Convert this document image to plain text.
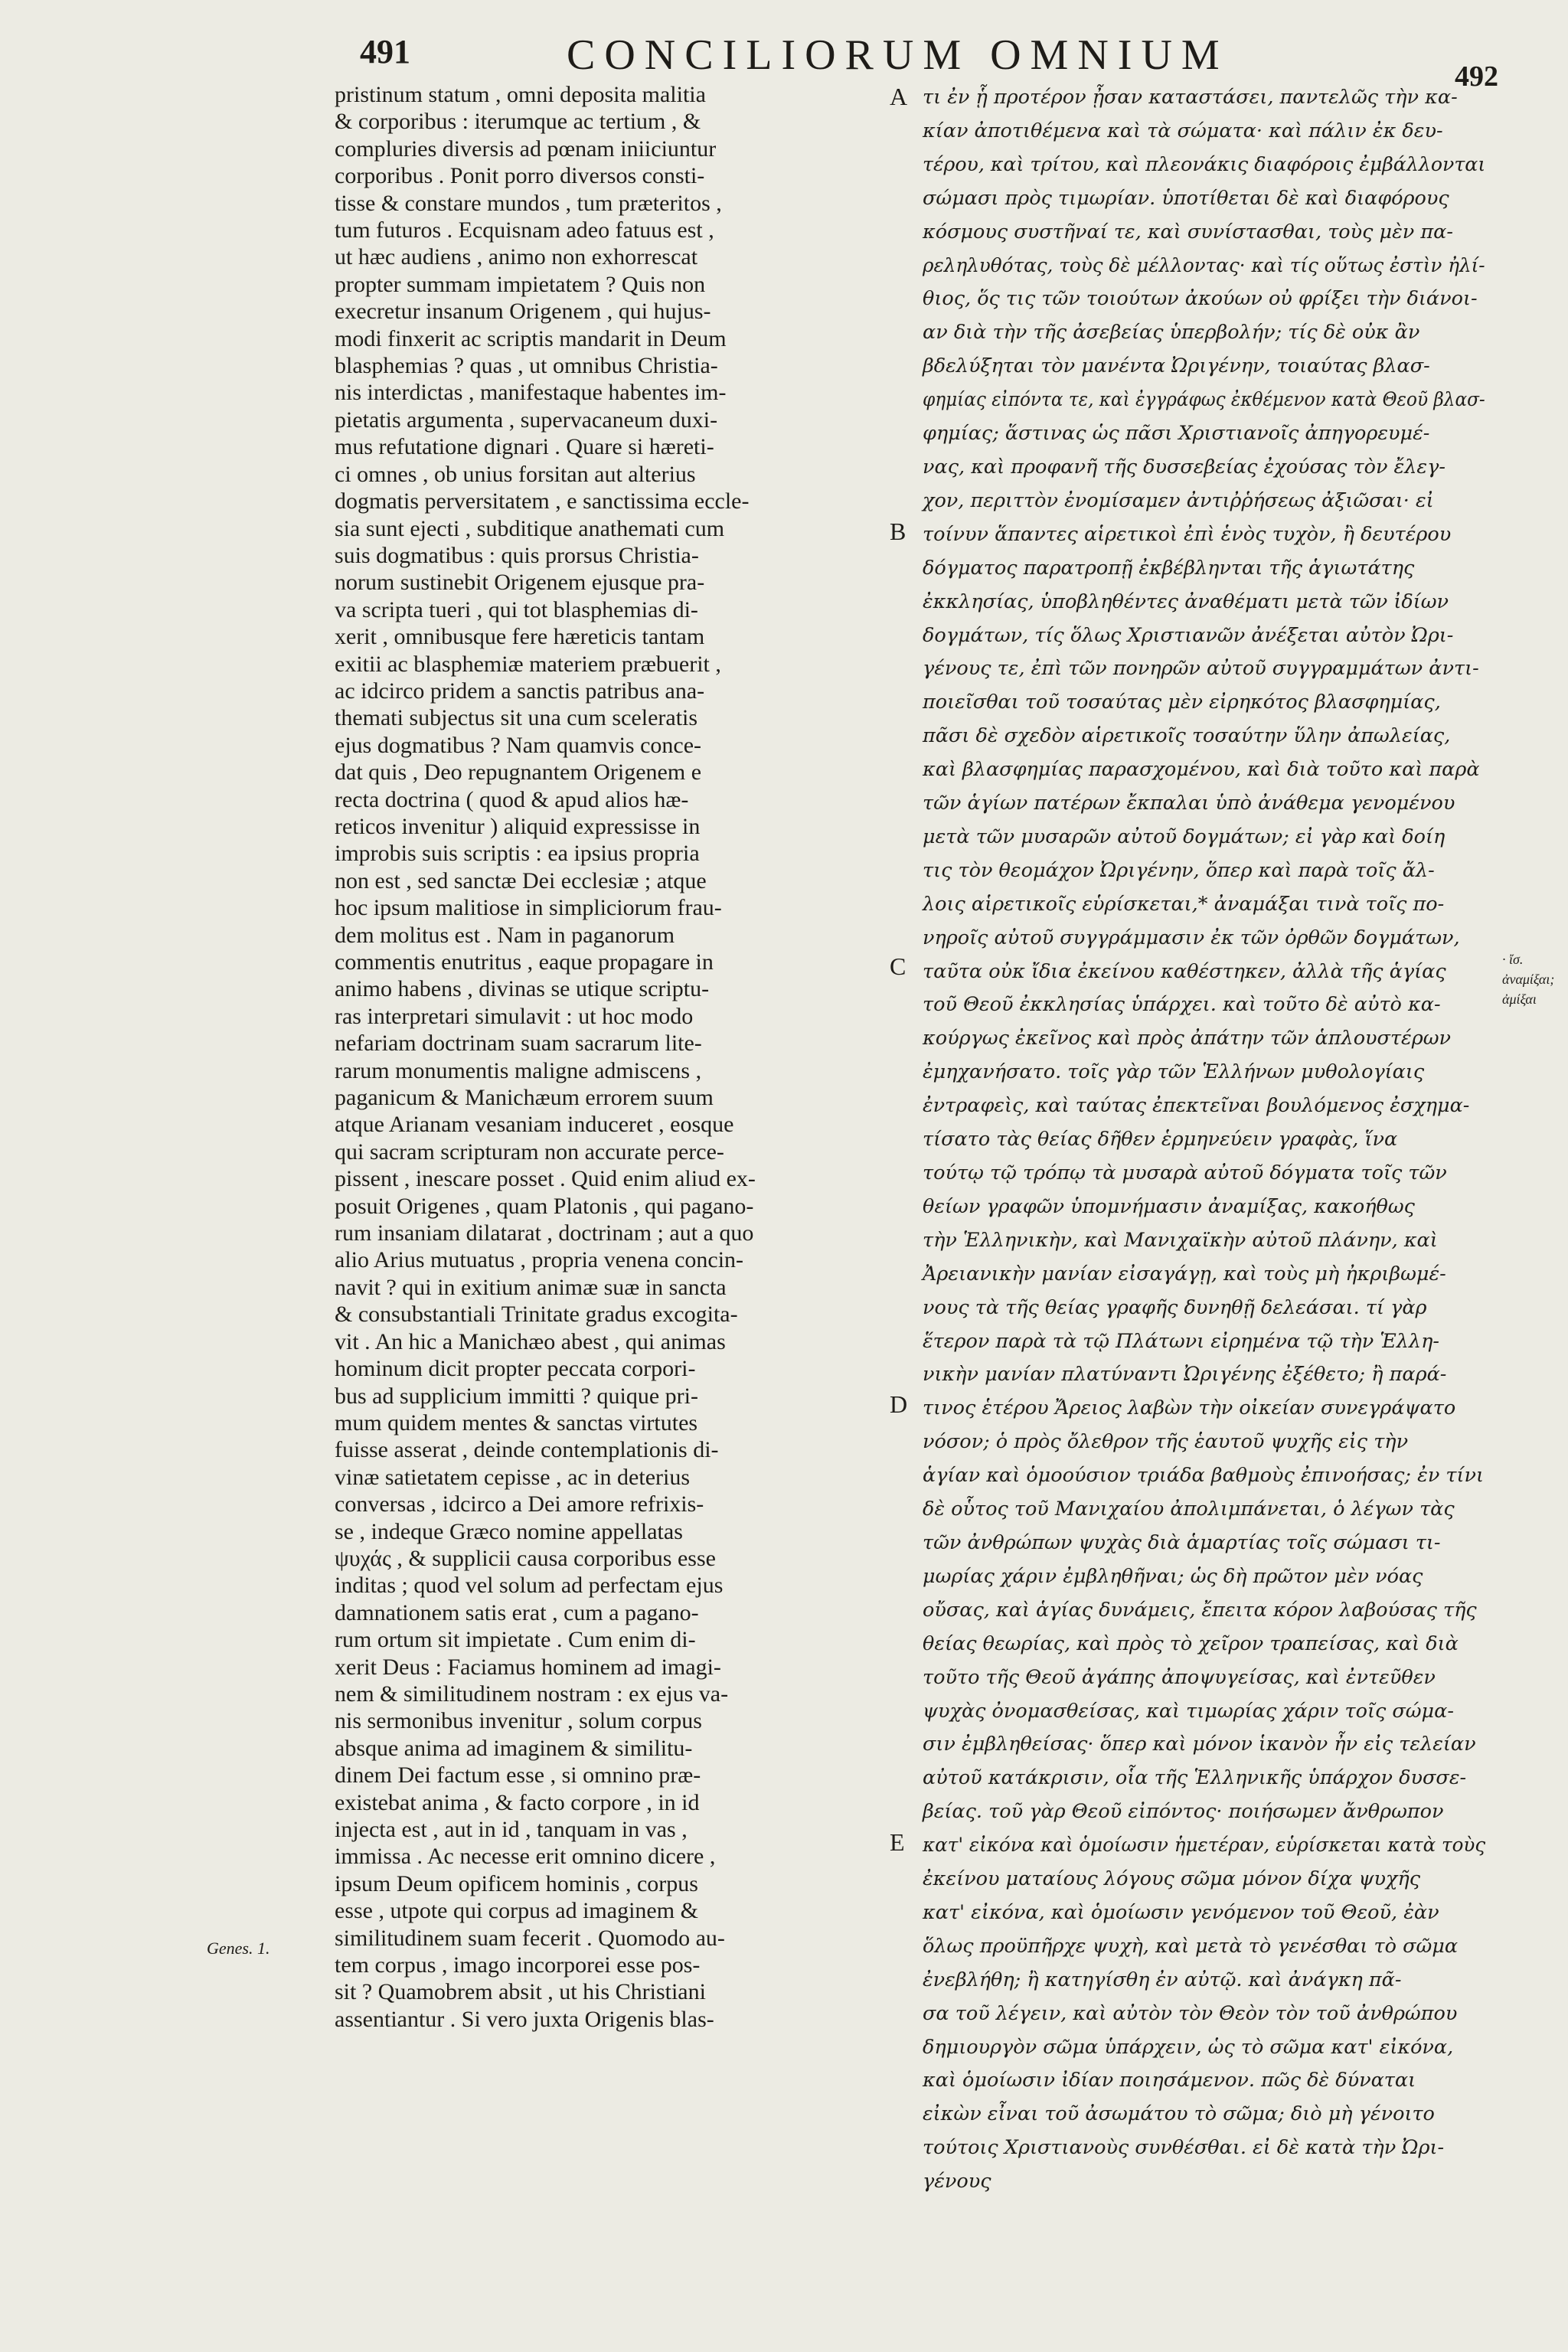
491	CONCILIORUM OMNIUM	492

pristinum statum , omni deposita malitia

& corporibus : iterumque ac tertium , &

compluries diversis ad pœnam iniiciuntur

corporibus . Ponit porro diversos consti-

tisse & constare mundos , tum præteritos ,

tum futuros . Ecquisnam adeo fatuus est ,

ut hæc audiens , animo non exhorrescat

propter summam impietatem ? Quis non

execretur insanum Origenem , qui hujus-

modi finxerit ac scriptis mandarit in Deum

blasphemias ? quas , ut omnibus Christia-

nis interdictas , manifestaque habentes im-

pietatis argumenta , supervacaneum duxi-

mus refutatione dignari . Quare si hæreti-

ci omnes , ob unius forsitan aut alterius

dogmatis perversitatem , e sanctissima eccle-

sia sunt ejecti , subditique anathemati cum

suis dogmatibus : quis prorsus Christia-

norum sustinebit Origenem ejusque pra-

va scripta tueri , qui tot blasphemias di-

xerit , omnibusque fere hæreticis tantam

exitii ac blasphemiæ materiem præbuerit ,

ac idcirco pridem a sanctis patribus ana-

themati subjectus sit una cum sceleratis

ejus dogmatibus ? Nam quamvis conce-

dat quis , Deo repugnantem Origenem e

recta doctrina ( quod & apud alios hæ-

reticos invenitur ) aliquid expressisse in

improbis suis scriptis : ea ipsius propria

non est , sed sanctæ Dei ecclesiæ ; atque

hoc ipsum malitiose in simpliciorum frau-

dem molitus est . Nam in paganorum

commentis enutritus , eaque propagare in

animo habens , divinas se utique scriptu-

ras interpretari simulavit : ut hoc modo

nefariam doctrinam suam sacrarum lite-

rarum monumentis maligne admiscens ,

paganicum & Manichæum errorem suum

atque Arianam vesaniam induceret , eosque

qui sacram scripturam non accurate perce-

pissent , inescare posset . Quid enim aliud ex-

posuit Origenes , quam Platonis , qui pagano-

rum insaniam dilatarat , doctrinam ; aut a quo

alio Arius mutuatus , propria venena concin-

navit ? qui in exitium animæ suæ in sancta

& consubstantiali Trinitate gradus excogita-

vit . An hic a Manichæo abest , qui animas

hominum dicit propter peccata corpori-

bus ad supplicium immitti ? quique pri-

mum quidem mentes & sanctas virtutes

fuisse asserat , deinde contemplationis di-

vinæ satietatem cepisse , ac in deterius

conversas , idcirco a Dei amore refrixis-

se , indeque Græco nomine appellatas

ψυχάς , & supplicii causa corporibus esse

inditas ; quod vel solum ad perfectam ejus

damnationem satis erat , cum a pagano-

rum ortum sit impietate . Cum enim di-

xerit Deus : Faciamus hominem ad imagi-

nem & similitudinem nostram : ex ejus va-

nis sermonibus invenitur , solum corpus

absque anima ad imaginem & similitu-

dinem Dei factum esse , si omnino præ-

existebat anima , & facto corpore , in id

injecta est , aut in id , tanquam in vas ,

immissa . Ac necesse erit omnino dicere ,

ipsum Deum opificem hominis , corpus

esse , utpote qui corpus ad imaginem &

similitudinem suam fecerit . Quomodo au-

tem corpus , imago incorporei esse pos-

sit ? Quamobrem absit , ut his Christiani

assentiantur . Si vero juxta Origenis blas-

τι ἐν ᾗ προτέρον ᾖσαν καταστάσει, παντελῶς τὴν κα-

κίαν ἀποτιθέμενα καὶ τὰ σώματα· καὶ πάλιν ἐκ δευ-

τέρου, καὶ τρίτου, καὶ πλεονάκις διαφόροις ἐμβάλλονται

σώμασι πρὸς τιμωρίαν. ὑποτίθεται δὲ καὶ διαφόρους

κόσμους συστῆναί τε, καὶ συνίστασθαι, τοὺς μὲν πα-

ρεληλυθότας, τοὺς δὲ μέλλοντας· καὶ τίς οὕτως ἐστὶν ἠλί-

θιος, ὅς τις τῶν τοιούτων ἀκούων οὐ φρίξει τὴν διάνοι-

αν διὰ τὴν τῆς ἀσεβείας ὑπερβολήν; τίς δὲ οὐκ ἂν

βδελύξηται τὸν μανέντα Ὠριγένην, τοιαύτας βλασ-

φημίας εἰπόντα τε, καὶ ἐγγράφως ἐκθέμενον κατὰ Θεοῦ βλασ-

φημίας; ἅστινας ὡς πᾶσι Χριστιανοῖς ἀπηγορευμέ-

νας, καὶ προφανῆ τῆς δυσσεβείας ἐχούσας τὸν ἔλεγ-

χον, περιττὸν ἐνομίσαμεν ἀντιῤῥήσεως ἀξιῶσαι· εἰ

τοίνυν ἅπαντες αἱρετικοὶ ἐπὶ ἑνὸς τυχὸν, ἢ δευτέρου

δόγματος παρατροπῇ ἐκβέβληνται τῆς ἁγιωτάτης

ἐκκλησίας, ὑποβληθέντες ἀναθέματι μετὰ τῶν ἰδίων

δογμάτων, τίς ὅλως Χριστιανῶν ἀνέξεται αὐτὸν Ὠρι-

γένους τε, ἐπὶ τῶν πονηρῶν αὐτοῦ συγγραμμάτων ἀντι-

ποιεῖσθαι τοῦ τοσαύτας μὲν εἰρηκότος βλασφημίας,

πᾶσι δὲ σχεδὸν αἱρετικοῖς τοσαύτην ὕλην ἀπωλείας,

καὶ βλασφημίας παρασχομένου, καὶ διὰ τοῦτο καὶ παρὰ

τῶν ἁγίων πατέρων ἔκπαλαι ὑπὸ ἀνάθεμα γενομένου

μετὰ τῶν μυσαρῶν αὐτοῦ δογμάτων; εἰ γὰρ καὶ δοίη

τις τὸν θεομάχον Ὠριγένην, ὅπερ καὶ παρὰ τοῖς ἄλ-

λοις αἱρετικοῖς εὑρίσκεται,* ἀναμάξαι τινὰ τοῖς πο-

νηροῖς αὐτοῦ συγγράμμασιν ἐκ τῶν ὀρθῶν δογμάτων,

ταῦτα οὐκ ἴδια ἐκείνου καθέστηκεν, ἀλλὰ τῆς ἁγίας

τοῦ Θεοῦ ἐκκλησίας ὑπάρχει. καὶ τοῦτο δὲ αὐτὸ κα-

κούργως ἐκεῖνος καὶ πρὸς ἀπάτην τῶν ἁπλουστέρων

ἐμηχανήσατο. τοῖς γὰρ τῶν Ἑλλήνων μυθολογίαις

ἐντραφεὶς, καὶ ταύτας ἐπεκτεῖναι βουλόμενος ἐσχημα-

τίσατο τὰς θείας δῆθεν ἑρμηνεύειν γραφὰς, ἵνα

τούτῳ τῷ τρόπῳ τὰ μυσαρὰ αὐτοῦ δόγματα τοῖς τῶν

θείων γραφῶν ὑπομνήμασιν ἀναμίξας, κακοήθως

τὴν Ἑλληνικὴν, καὶ Μανιχαϊκὴν αὐτοῦ πλάνην, καὶ

Ἀρειανικὴν μανίαν εἰσαγάγῃ, καὶ τοὺς μὴ ἠκριβωμέ-

νους τὰ τῆς θείας γραφῆς δυνηθῇ δελεάσαι. τί γὰρ

ἕτερον παρὰ τὰ τῷ Πλάτωνι εἰρημένα τῷ τὴν Ἑλλη-

νικὴν μανίαν πλατύναντι Ὠριγένης ἐξέθετο; ἢ παρά-

τινος ἑτέρου Ἄρειος λαβὼν τὴν οἰκείαν συνεγράψατο

νόσον; ὁ πρὸς ὄλεθρον τῆς ἑαυτοῦ ψυχῆς εἰς τὴν

ἁγίαν καὶ ὁμοούσιον τριάδα βαθμοὺς ἐπινοήσας; ἐν τίνι

δὲ οὗτος τοῦ Μανιχαίου ἀπολιμπάνεται, ὁ λέγων τὰς

τῶν ἀνθρώπων ψυχὰς διὰ ἁμαρτίας τοῖς σώμασι τι-

μωρίας χάριν ἐμβληθῆναι; ὡς δὴ πρῶτον μὲν νόας

οὔσας, καὶ ἁγίας δυνάμεις, ἔπειτα κόρον λαβούσας τῆς

θείας θεωρίας, καὶ πρὸς τὸ χεῖρον τραπείσας, καὶ διὰ

τοῦτο τῆς Θεοῦ ἀγάπης ἀποψυγείσας, καὶ ἐντεῦθεν

ψυχὰς ὀνομασθείσας, καὶ τιμωρίας χάριν τοῖς σώμα-

σιν ἐμβληθείσας· ὅπερ καὶ μόνον ἱκανὸν ἦν εἰς τελείαν

αὐτοῦ κατάκρισιν, οἷα τῆς Ἑλληνικῆς ὑπάρχον δυσσε-

βείας. τοῦ γὰρ Θεοῦ εἰπόντος· ποιήσωμεν ἄνθρωπον

κατ' εἰκόνα καὶ ὁμοίωσιν ἡμετέραν, εὑρίσκεται κατὰ τοὺς

ἐκείνου ματαίους λόγους σῶμα μόνον δίχα ψυχῆς

κατ' εἰκόνα, καὶ ὁμοίωσιν γενόμενον τοῦ Θεοῦ, ἐὰν

ὅλως προϋπῆρχε ψυχὴ, καὶ μετὰ τὸ γενέσθαι τὸ σῶμα

ἐνεβλήθη; ἢ κατηγίσθη ἐν αὐτῷ. καὶ ἀνάγκη πᾶ-

σα τοῦ λέγειν, καὶ αὐτὸν τὸν Θεὸν τὸν τοῦ ἀνθρώπου

δημιουργὸν σῶμα ὑπάρχειν, ὡς τὸ σῶμα κατ' εἰκόνα,

καὶ ὁμοίωσιν ἰδίαν ποιησάμενον. πῶς δὲ δύναται

εἰκὼν εἶναι τοῦ ἀσωμάτου τὸ σῶμα; διὸ μὴ γένοιτο

τούτοις Χριστιανοὺς συνθέσθαι. εἰ δὲ κατὰ τὴν Ὠρι-

γένους

A
B
C
D
E
Genes. 1.
· ἴσ. ἀναμίξαι; ἀμίξαι
